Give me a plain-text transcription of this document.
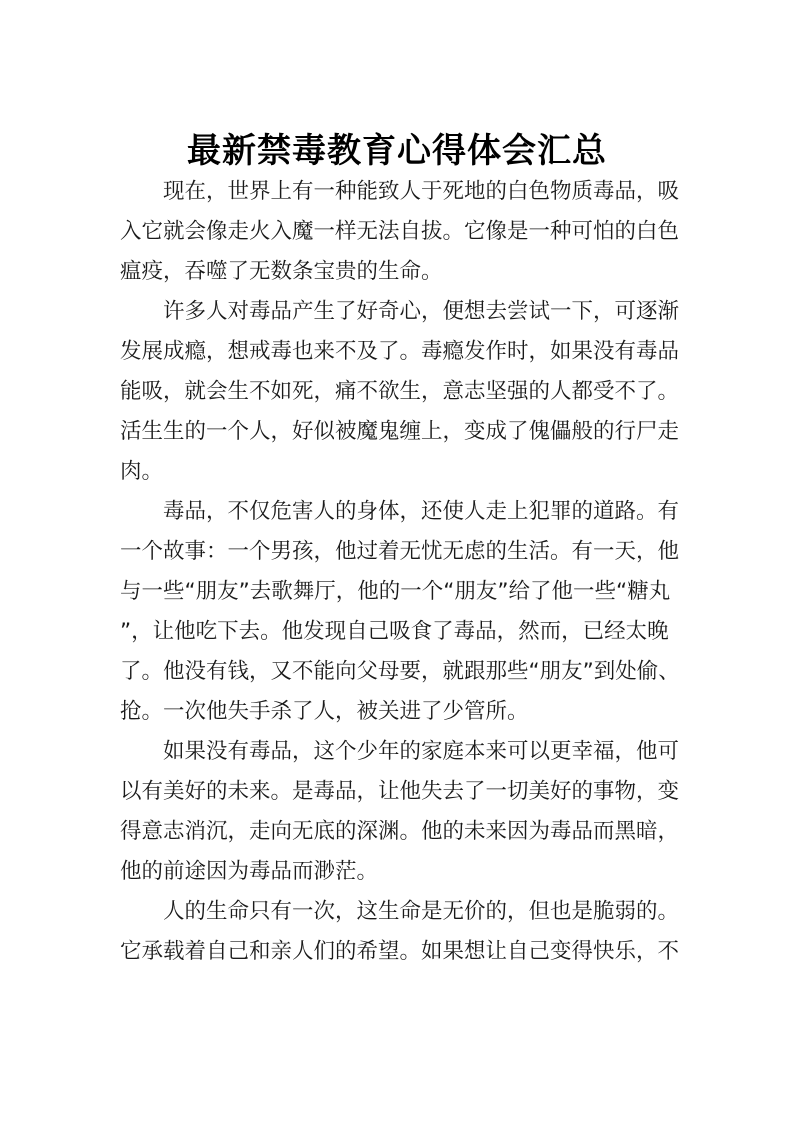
最新禁毒教育心得体会汇总

现在，世界上有一种能致人于死地的白色物质毒品，吸入它就会像走火入魔一样无法自拔。它像是一种可怕的白色瘟疫，吞噬了无数条宝贵的生命。

许多人对毒品产生了好奇心，便想去尝试一下，可逐渐发展成瘾，想戒毒也来不及了。毒瘾发作时，如果没有毒品能吸，就会生不如死，痛不欲生，意志坚强的人都受不了。活生生的一个人，好似被魔鬼缠上，变成了傀儡般的行尸走肉。

毒品，不仅危害人的身体，还使人走上犯罪的道路。有一个故事：一个男孩，他过着无忧无虑的生活。有一天，他与一些“朋友”去歌舞厅，他的一个“朋友”给了他一些“糖丸”，让他吃下去。他发现自己吸食了毒品，然而，已经太晚了。他没有钱，又不能向父母要，就跟那些“朋友”到处偷、抢。一次他失手杀了人，被关进了少管所。

如果没有毒品，这个少年的家庭本来可以更幸福，他可以有美好的未来。是毒品，让他失去了一切美好的事物，变得意志消沉，走向无底的深渊。他的未来因为毒品而黑暗，他的前途因为毒品而渺茫。

人的生命只有一次，这生命是无价的，但也是脆弱的。它承载着自己和亲人们的希望。如果想让自己变得快乐，不
